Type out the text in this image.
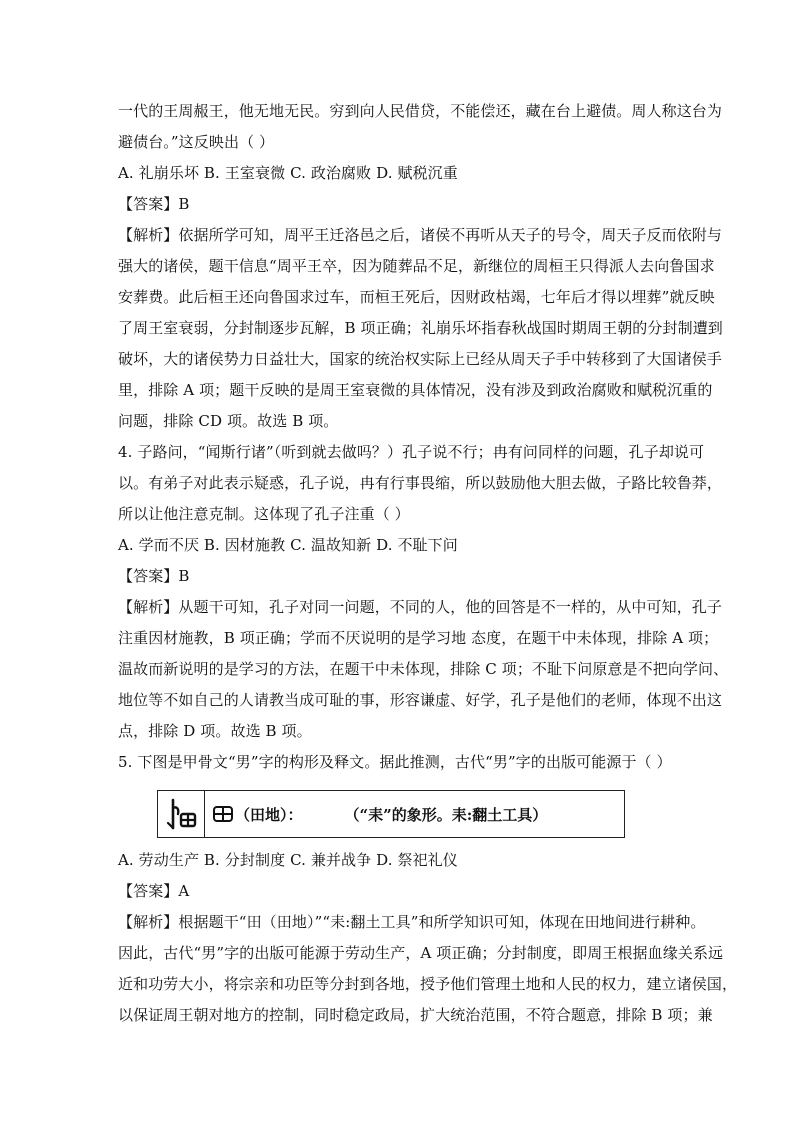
一代的王周赧王，他无地无民。穷到向人民借贷，不能偿还，藏在台上避债。周人称这台为
避债台。”这反映出（ ）
A. 礼崩乐坏 B. 王室衰微 C. 政治腐败 D. 赋税沉重
【答案】B
【解析】依据所学可知，周平王迁洛邑之后，诸侯不再听从天子的号令，周天子反而依附与
强大的诸侯，题干信息“周平王卒，因为随葬品不足，新继位的周桓王只得派人去向鲁国求
安葬费。此后桓王还向鲁国求过车，而桓王死后，因财政枯竭，七年后才得以埋葬”就反映
了周王室衰弱，分封制逐步瓦解，B 项正确；礼崩乐坏指春秋战国时期周王朝的分封制遭到
破坏，大的诸侯势力日益壮大，国家的统治权实际上已经从周天子手中转移到了大国诸侯手
里，排除 A 项；题干反映的是周王室衰微的具体情况，没有涉及到政治腐败和赋税沉重的
问题，排除 CD 项。故选 B 项。
4. 子路问，“闻斯行诸”（听到就去做吗？）孔子说不行；冉有问同样的问题，孔子却说可
以。有弟子对此表示疑惑，孔子说，冉有行事畏缩，所以鼓励他大胆去做，子路比较鲁莽，
所以让他注意克制。这体现了孔子注重（ ）
A. 学而不厌 B. 因材施教 C. 温故知新 D. 不耻下问
【答案】B
【解析】从题干可知，孔子对同一问题，不同的人，他的回答是不一样的，从中可知，孔子
注重因材施教，B 项正确；学而不厌说明的是学习地 态度，在题干中未体现，排除 A 项；
温故而新说明的是学习的方法，在题干中未体现，排除 C 项；不耻下问原意是不把向学问、
地位等不如自己的人请教当成可耻的事，形容谦虚、好学，孔子是他们的老师，体现不出这
点，排除 D 项。故选 B 项。
5. 下图是甲骨文“男”字的构形及释文。据此推测，古代“男”字的出版可能源于（ ）
（田地）：	（“耒”的象形。耒:翻土工具）
A. 劳动生产 B. 分封制度 C. 兼并战争 D. 祭祀礼仪
【答案】A
【解析】根据题干“田（田地）”“耒:翻土工具”和所学知识可知，体现在田地间进行耕种。
因此，古代“男”字的出版可能源于劳动生产，A 项正确；分封制度，即周王根据血缘关系远
近和功劳大小，将宗亲和功臣等分封到各地，授予他们管理土地和人民的权力，建立诸侯国，
以保证周王朝对地方的控制，同时稳定政局，扩大统治范围，不符合题意，排除 B 项；兼
